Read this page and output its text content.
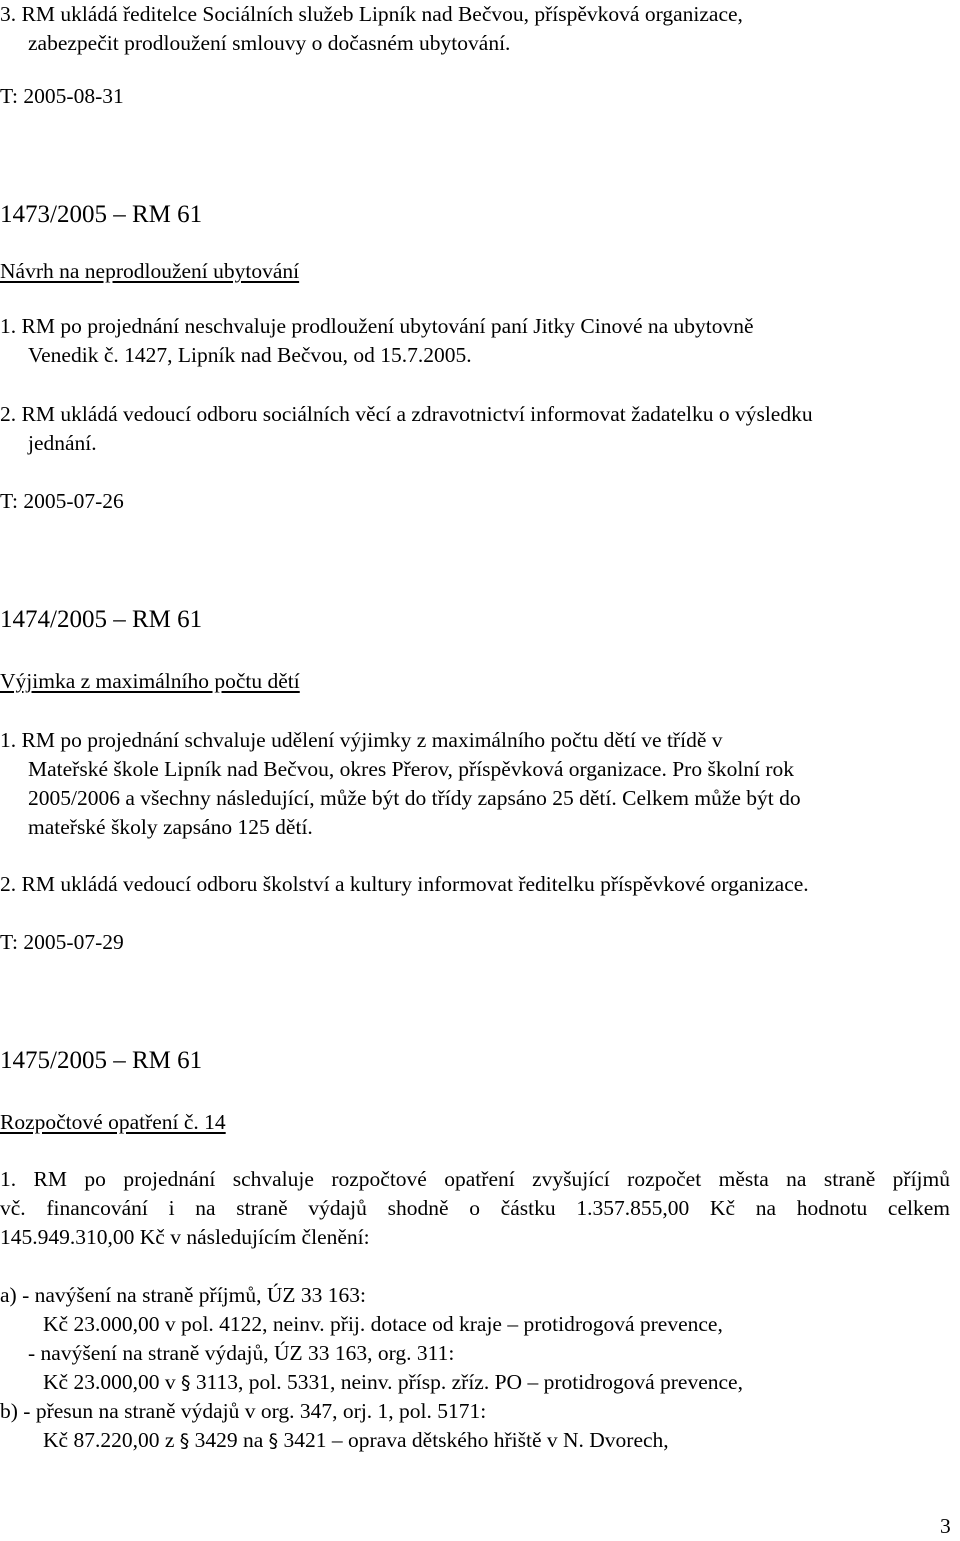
3. RM ukládá ředitelce Sociálních služeb Lipník nad Bečvou, příspěvková organizace,

zabezpečit prodloužení smlouvy o dočasném ubytování.

T: 2005-08-31

1473/2005 – RM 61

Návrh na neprodloužení ubytování

1. RM po projednání neschvaluje prodloužení ubytování paní Jitky Cinové na ubytovně

Venedik č. 1427, Lipník nad Bečvou, od 15.7.2005.

2. RM ukládá vedoucí odboru sociálních věcí a zdravotnictví informovat žadatelku o výsledku

jednání.

T: 2005-07-26

1474/2005 – RM 61

Výjimka z maximálního počtu dětí

1. RM po projednání schvaluje udělení výjimky z maximálního počtu dětí ve třídě v

Mateřské škole Lipník nad Bečvou, okres Přerov, příspěvková organizace. Pro školní rok

2005/2006 a všechny následující, může být do třídy zapsáno 25 dětí. Celkem může být do

mateřské školy zapsáno 125 dětí.

2. RM ukládá vedoucí odboru školství a kultury informovat ředitelku příspěvkové organizace.

T: 2005-07-29

1475/2005 – RM 61

Rozpočtové opatření č. 14

1. RM po projednání schvaluje rozpočtové opatření zvyšující rozpočet města na straně příjmů

vč. financování i na straně výdajů shodně o částku 1.357.855,00 Kč na hodnotu celkem

145.949.310,00 Kč v následujícím členění:

a) - navýšení na straně příjmů, ÚZ 33 163:

Kč 23.000,00 v pol. 4122, neinv. přij. dotace od kraje – protidrogová prevence,

- navýšení na straně výdajů, ÚZ 33 163, org. 311:

Kč 23.000,00 v § 3113, pol. 5331, neinv. přísp. zříz. PO – protidrogová prevence,

b) - přesun na straně výdajů v org. 347, orj. 1, pol. 5171:

Kč 87.220,00 z § 3429 na § 3421 – oprava dětského hřiště v N. Dvorech,

3
